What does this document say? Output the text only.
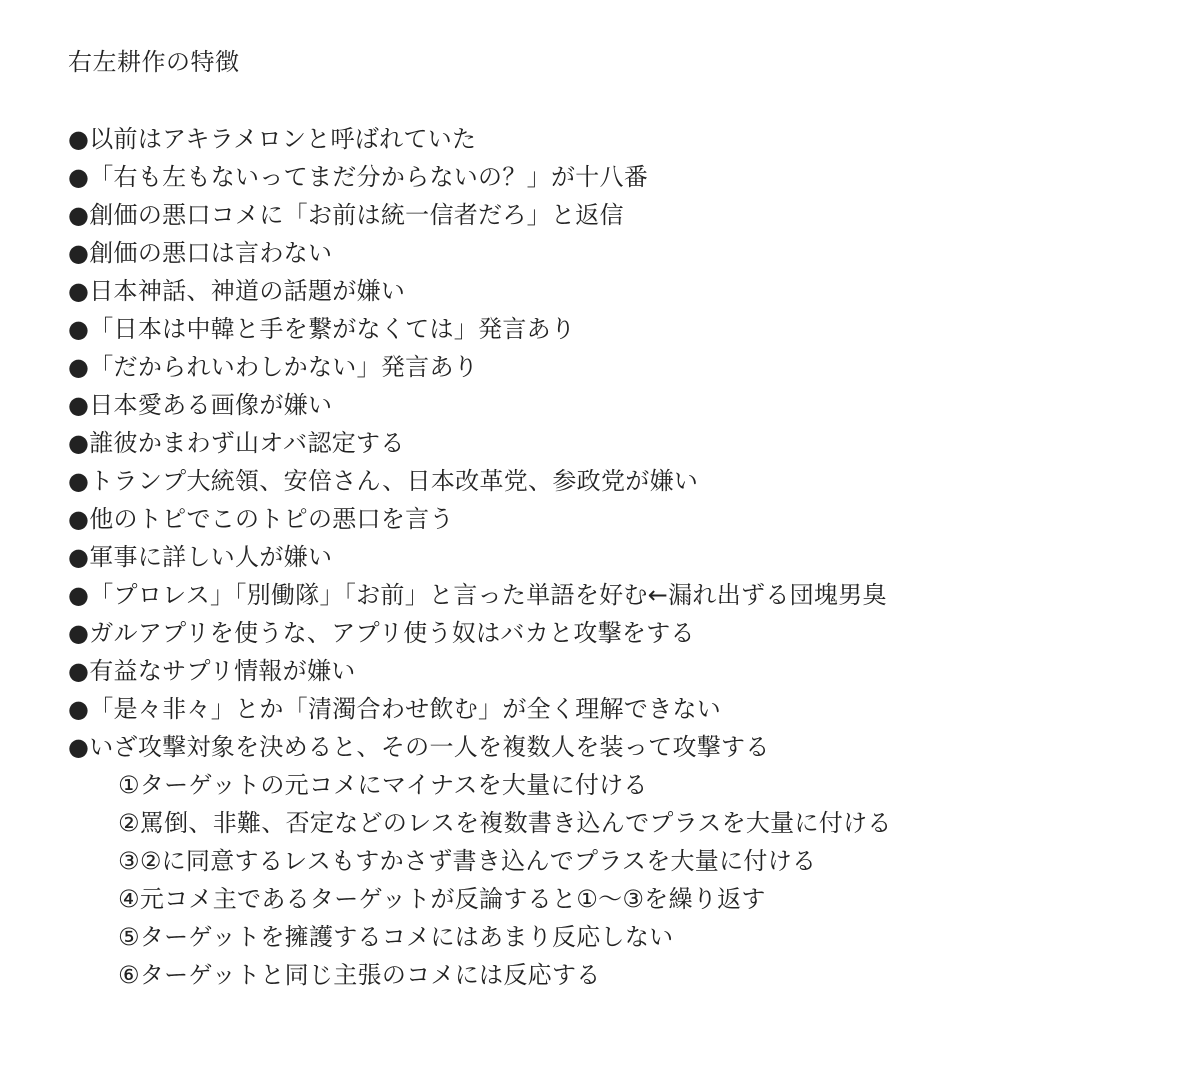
右左耕作の特徴
●以前はアキラメロンと呼ばれていた
●「右も左もないってまだ分からないの？」が十八番
●創価の悪口コメに「お前は統一信者だろ」と返信
●創価の悪口は言わない
●日本神話、神道の話題が嫌い
●「日本は中韓と手を繋がなくては」発言あり
●「だかられいわしかない」発言あり
●日本愛ある画像が嫌い
●誰彼かまわず山オバ認定する
●トランプ大統領、安倍さん、日本改革党、参政党が嫌い
●他のトピでこのトピの悪口を言う
●軍事に詳しい人が嫌い
●「プロレス」「別働隊」「お前」と言った単語を好む←漏れ出ずる団塊男臭
●ガルアプリを使うな、アプリ使う奴はバカと攻撃をする
●有益なサプリ情報が嫌い
●「是々非々」とか「清濁合わせ飲む」が全く理解できない
●いざ攻撃対象を決めると、その一人を複数人を装って攻撃する
①ターゲットの元コメにマイナスを大量に付ける
②罵倒、非難、否定などのレスを複数書き込んでプラスを大量に付ける
③②に同意するレスもすかさず書き込んでプラスを大量に付ける
④元コメ主であるターゲットが反論すると①〜③を繰り返す
⑤ターゲットを擁護するコメにはあまり反応しない
⑥ターゲットと同じ主張のコメには反応する
